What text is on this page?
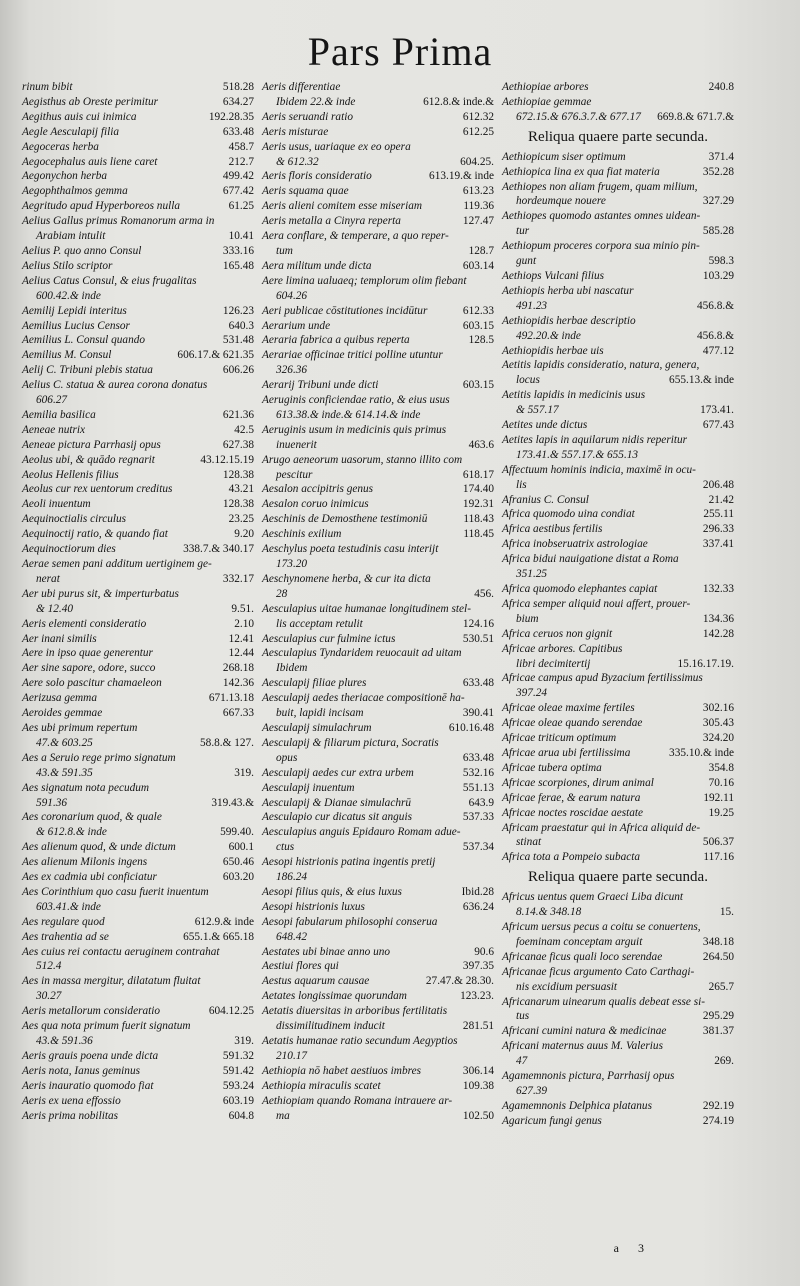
Pars Prima
518.28
rinum bibit
634.27
Aegisthus ab Oreste perimitur
192.28.35
Aegithus auis cui inimica
633.48
Aegle Aesculapij filia
458.7
Aegoceras herba
212.7
Aegocephalus auis liene caret
499.42
Aegonychon herba
677.42
Aegophthalmos gemma
61.25
Aegritudo apud Hyperboreos nulla
Aelius Gallus primus Romanorum arma in
10.41
Arabiam intulit
333.16
Aelius P. quo anno Consul
165.48
Aelius Stilo scriptor
Aelius Catus Consul, & eius frugalitas
600.42.& inde
126.23
Aemilij Lepidi interitus
640.3
Aemilius Lucius Censor
531.48
Aemilius L. Consul quando
606.17.& 621.35
Aemilius M. Consul
606.26
Aelij C. Tribuni plebis statua
Aelius C. statua & aurea corona donatus
606.27
621.36
Aemilia basilica
42.5
Aeneae nutrix
627.38
Aeneae pictura Parrhasij opus
43.12.15.19
Aeolus ubi, & quādo regnarit
128.38
Aeolus Hellenis filius
43.21
Aeolus cur rex uentorum creditus
128.38
Aeoli inuentum
23.25
Aequinoctialis circulus
9.20
Aequinoctij ratio, & quando fiat
338.7.& 340.17
Aequinoctiorum dies
Aerae semen pani additum uertiginem ge-
332.17
nerat
Aer ubi purus sit, & imperturbatus
9.51.
& 12.40
2.10
Aeris elementi consideratio
12.41
Aer inani similis
12.44
Aere in ipso quae generentur
268.18
Aer sine sapore, odore, succo
142.36
Aere solo pascitur chamaeleon
671.13.18
Aerizusa gemma
667.33
Aeroides gemmae
Aes ubi primum repertum
58.8.& 127.
47.& 603.25
Aes a Seruio rege primo signatum
319.
43.& 591.35
Aes signatum nota pecudum
319.43.&
591.36
Aes coronarium quod, & quale
599.40.
& 612.8.& inde
600.1
Aes alienum quod, & unde dictum
650.46
Aes alienum Milonis ingens
603.20
Aes ex cadmia ubi conficiatur
Aes Corinthium quo casu fuerit inuentum
603.41.& inde
612.9.& inde
Aes regulare quod
655.1.& 665.18
Aes trahentia ad se
Aes cuius rei contactu aeruginem contrahat
512.4
Aes in massa mergitur, dilatatum fluitat
30.27
604.12.25
Aeris metallorum consideratio
Aes qua nota primum fuerit signatum
319.
43.& 591.36
591.32
Aeris grauis poena unde dicta
591.42
Aeris nota, Ianus geminus
593.24
Aeris inauratio quomodo fiat
603.19
Aeris ex uena effossio
604.8
Aeris prima nobilitas
Aeris differentiae
612.8.& inde.&
Ibidem 22.& inde
612.32
Aeris seruandi ratio
612.25
Aeris misturae
Aeris usus, uariaque ex eo opera
604.25.
& 612.32
613.19.& inde
Aeris floris consideratio
613.23
Aeris squama quae
119.36
Aeris alieni comitem esse miseriam
127.47
Aeris metalla a Cinyra reperta
Aera conflare, & temperare, a quo reper-
128.7
tum
603.14
Aera militum unde dicta
Aere limina ualuaeq; templorum olim fiebant
604.26
612.33
Aeri publicae cōstitutiones incidūtur
603.15
Aerarium unde
128.5
Aeraria fabrica a quibus reperta
Aerariae officinae tritici polline utuntur
326.36
603.15
Aerarij Tribuni unde dicti
Aeruginis conficiendae ratio, & eius usus
613.38.& inde.& 614.14.& inde
Aeruginis usum in medicinis quis primus
463.6
inuenerit
Arugo aeneorum uasorum, stanno illito com
618.17
pescitur
174.40
Aesalon accipitris genus
192.31
Aesalon coruo inimicus
118.43
Aeschinis de Demosthene testimoniū
118.45
Aeschinis exilium
Aeschylus poeta testudinis casu interijt
173.20
Aeschynomene herba, & cur ita dicta
456.
28
Aesculapius uitae humanae longitudinem stel-
124.16
lis acceptam retulit
530.51
Aesculapius cur fulmine ictus
Aesculapius Tyndaridem reuocauit ad uitam
Ibidem
633.48
Aesculapij filiae plures
Aesculapij aedes theriacae compositionē ha-
390.41
buit, lapidi incisam
610.16.48
Aesculapij simulachrum
Aesculapij & filiarum pictura, Socratis
633.48
opus
532.16
Aesculapij aedes cur extra urbem
551.13
Aesculapij inuentum
643.9
Aesculapij & Dianae simulachrū
537.33
Aesculapio cur dicatus sit anguis
Aesculapius anguis Epidauro Romam adue-
537.34
ctus
Aesopi histrionis patina ingentis pretij
186.24
Ibid.28
Aesopi filius quis, & eius luxus
636.24
Aesopi histrionis luxus
Aesopi fabularum philosophi conserua
648.42
90.6
Aestates ubi binae anno uno
397.35
Aestiui flores qui
27.47.& 28.30.
Aestus aquarum causae
123.23.
Aetates longissimae quorundam
Aetatis diuersitas in arboribus fertilitatis
281.51
dissimilitudinem inducit
Aetatis humanae ratio secundum Aegyptios
210.17
306.14
Aethiopia nō habet aestiuos imbres
109.38
Aethiopia miraculis scatet
Aethiopiam quando Romana intrauere ar-
102.50
ma
240.8
Aethiopiae arbores
Aethiopiae gemmae
669.8.& 671.7.&
672.15.& 676.3.7.& 677.17
Reliqua quaere parte secunda.
371.4
Aethiopicum siser optimum
352.28
Aethiopica lina ex qua fiat materia
Aethiopes non aliam frugem, quam milium,
327.29
hordeumque nouere
Aethiopes quomodo astantes omnes uidean-
585.28
tur
Aethiopum proceres corpora sua minio pin-
598.3
gunt
103.29
Aethiops Vulcani filius
Aethiopis herba ubi nascatur
456.8.&
491.23
Aethiopidis herbae descriptio
456.8.&
492.20.& inde
477.12
Aethiopidis herbae uis
Aetitis lapidis consideratio, natura, genera,
655.13.& inde
locus
Aetitis lapidis in medicinis usus
173.41.
& 557.17
677.43
Aetites unde dictus
Aetites lapis in aquilarum nidis reperitur
173.41.& 557.17.& 655.13
Affectuum hominis indicia, maximē in ocu-
206.48
lis
21.42
Afranius C. Consul
255.11
Africa quomodo uina condiat
296.33
Africa aestibus fertilis
337.41
Africa inobseruatrix astrologiae
Africa bidui nauigatione distat a Roma
351.25
132.33
Africa quomodo elephantes capiat
Africa semper aliquid noui affert, prouer-
134.36
bium
142.28
Africa ceruos non gignit
Africae arbores. Capitibus
15.16.17.19.
libri decimitertij
Africae campus apud Byzacium fertilissimus
397.24
302.16
Africae oleae maxime fertiles
305.43
Africae oleae quando serendae
324.20
Africae triticum optimum
335.10.& inde
Africae arua ubi fertilissima
354.8
Africae tubera optima
70.16
Africae scorpiones, dirum animal
192.11
Africae ferae, & earum natura
19.25
Africae noctes roscidae aestate
Africam praestatur qui in Africa aliquid de-
506.37
stinat
117.16
Africa tota a Pompeio subacta
Reliqua quaere parte secunda.
Africus uentus quem Graeci Liba dicunt
15.
8.14.& 348.18
Africum uersus pecus a coitu se conuertens,
348.18
foeminam conceptam arguit
264.50
Africanae ficus quali loco serendae
Africanae ficus argumento Cato Carthagi-
265.7
nis excidium persuasit
Africanarum uinearum qualis debeat esse si-
295.29
tus
381.37
Africani cumini natura & medicinae
Africani maternus auus M. Valerius
269.
47
Agamemnonis pictura, Parrhasij opus
627.39
292.19
Agamemnonis Delphica platanus
274.19
Agaricum fungi genus
a 3
